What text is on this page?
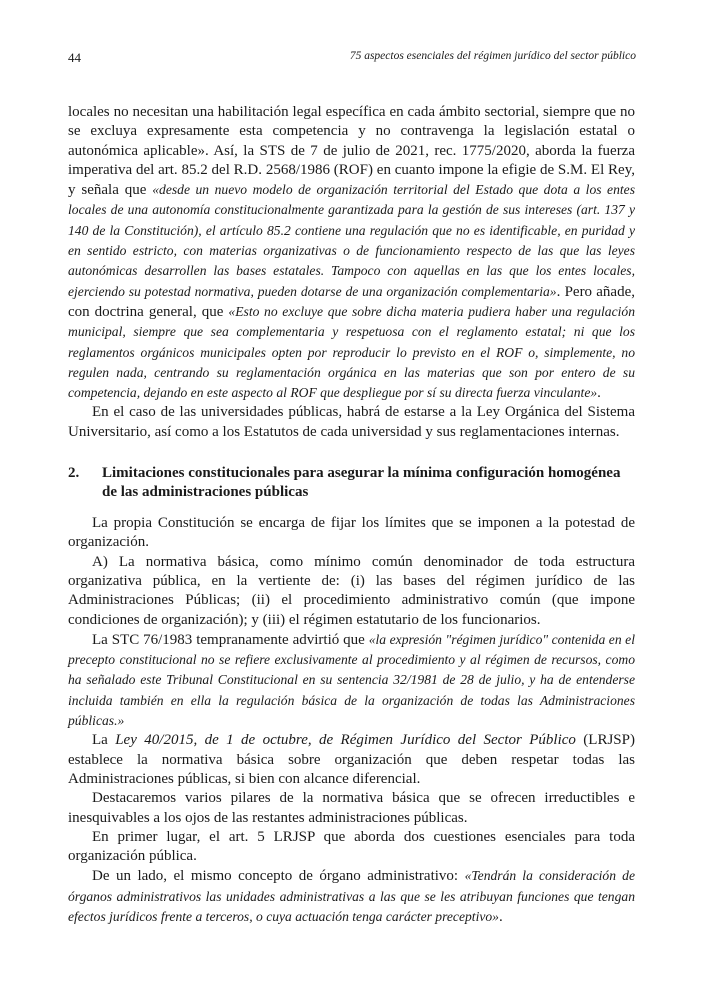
44	75 aspectos esenciales del régimen jurídico del sector público

locales no necesitan una habilitación legal específica en cada ámbito sectorial, siempre que no se excluya expresamente esta competencia y no contravenga la legislación estatal o autonómica aplicable». Así, la STS de 7 de julio de 2021, rec. 1775/2020, aborda la fuerza imperativa del art. 85.2 del R.D. 2568/1986 (ROF) en cuanto impone la efigie de S.M. El Rey, y señala que «desde un nuevo modelo de organización territorial del Estado que dota a los entes locales de una autonomía constitucionalmente garantizada para la gestión de sus intereses (art. 137 y 140 de la Constitución), el artículo 85.2 contiene una regulación que no es identificable, en puridad y en sentido estricto, con materias organizativas o de funcionamiento respecto de las que las leyes autonómicas desarrollen las bases estatales. Tampoco con aquellas en las que los entes locales, ejerciendo su potestad normativa, pueden dotarse de una organización complementaria». Pero añade, con doctrina general, que «Esto no excluye que sobre dicha materia pudiera haber una regulación municipal, siempre que sea complementaria y respetuosa con el reglamento estatal; ni que los reglamentos orgánicos municipales opten por reproducir lo previsto en el ROF o, simplemente, no regulen nada, centrando su reglamentación orgánica en las materias que son por entero de su competencia, dejando en este aspecto al ROF que despliegue por sí su directa fuerza vinculante».

En el caso de las universidades públicas, habrá de estarse a la Ley Orgánica del Sistema Universitario, así como a los Estatutos de cada universidad y sus reglamentaciones internas.

2.	Limitaciones constitucionales para asegurar la mínima configuración homogénea de las administraciones públicas

La propia Constitución se encarga de fijar los límites que se imponen a la potestad de organización.

A) La normativa básica, como mínimo común denominador de toda estructura organizativa pública, en la vertiente de: (i) las bases del régimen jurídico de las Administraciones Públicas; (ii) el procedimiento administrativo común (que impone condiciones de organización); y (iii) el régimen estatutario de los funcionarios.

La STC 76/1983 tempranamente advirtió que «la expresión "régimen jurídico" contenida en el precepto constitucional no se refiere exclusivamente al procedimiento y al régimen de recursos, como ha señalado este Tribunal Constitucional en su sentencia 32/1981 de 28 de julio, y ha de entenderse incluida también en ella la regulación básica de la organización de todas las Administraciones públicas.»

La Ley 40/2015, de 1 de octubre, de Régimen Jurídico del Sector Público (LRJSP) establece la normativa básica sobre organización que deben respetar todas las Administraciones públicas, si bien con alcance diferencial.

Destacaremos varios pilares de la normativa básica que se ofrecen irreductibles e inesquivables a los ojos de las restantes administraciones públicas.

En primer lugar, el art. 5 LRJSP que aborda dos cuestiones esenciales para toda organización pública.

De un lado, el mismo concepto de órgano administrativo: «Tendrán la consideración de órganos administrativos las unidades administrativas a las que se les atribuyan funciones que tengan efectos jurídicos frente a terceros, o cuya actuación tenga carácter preceptivo».
